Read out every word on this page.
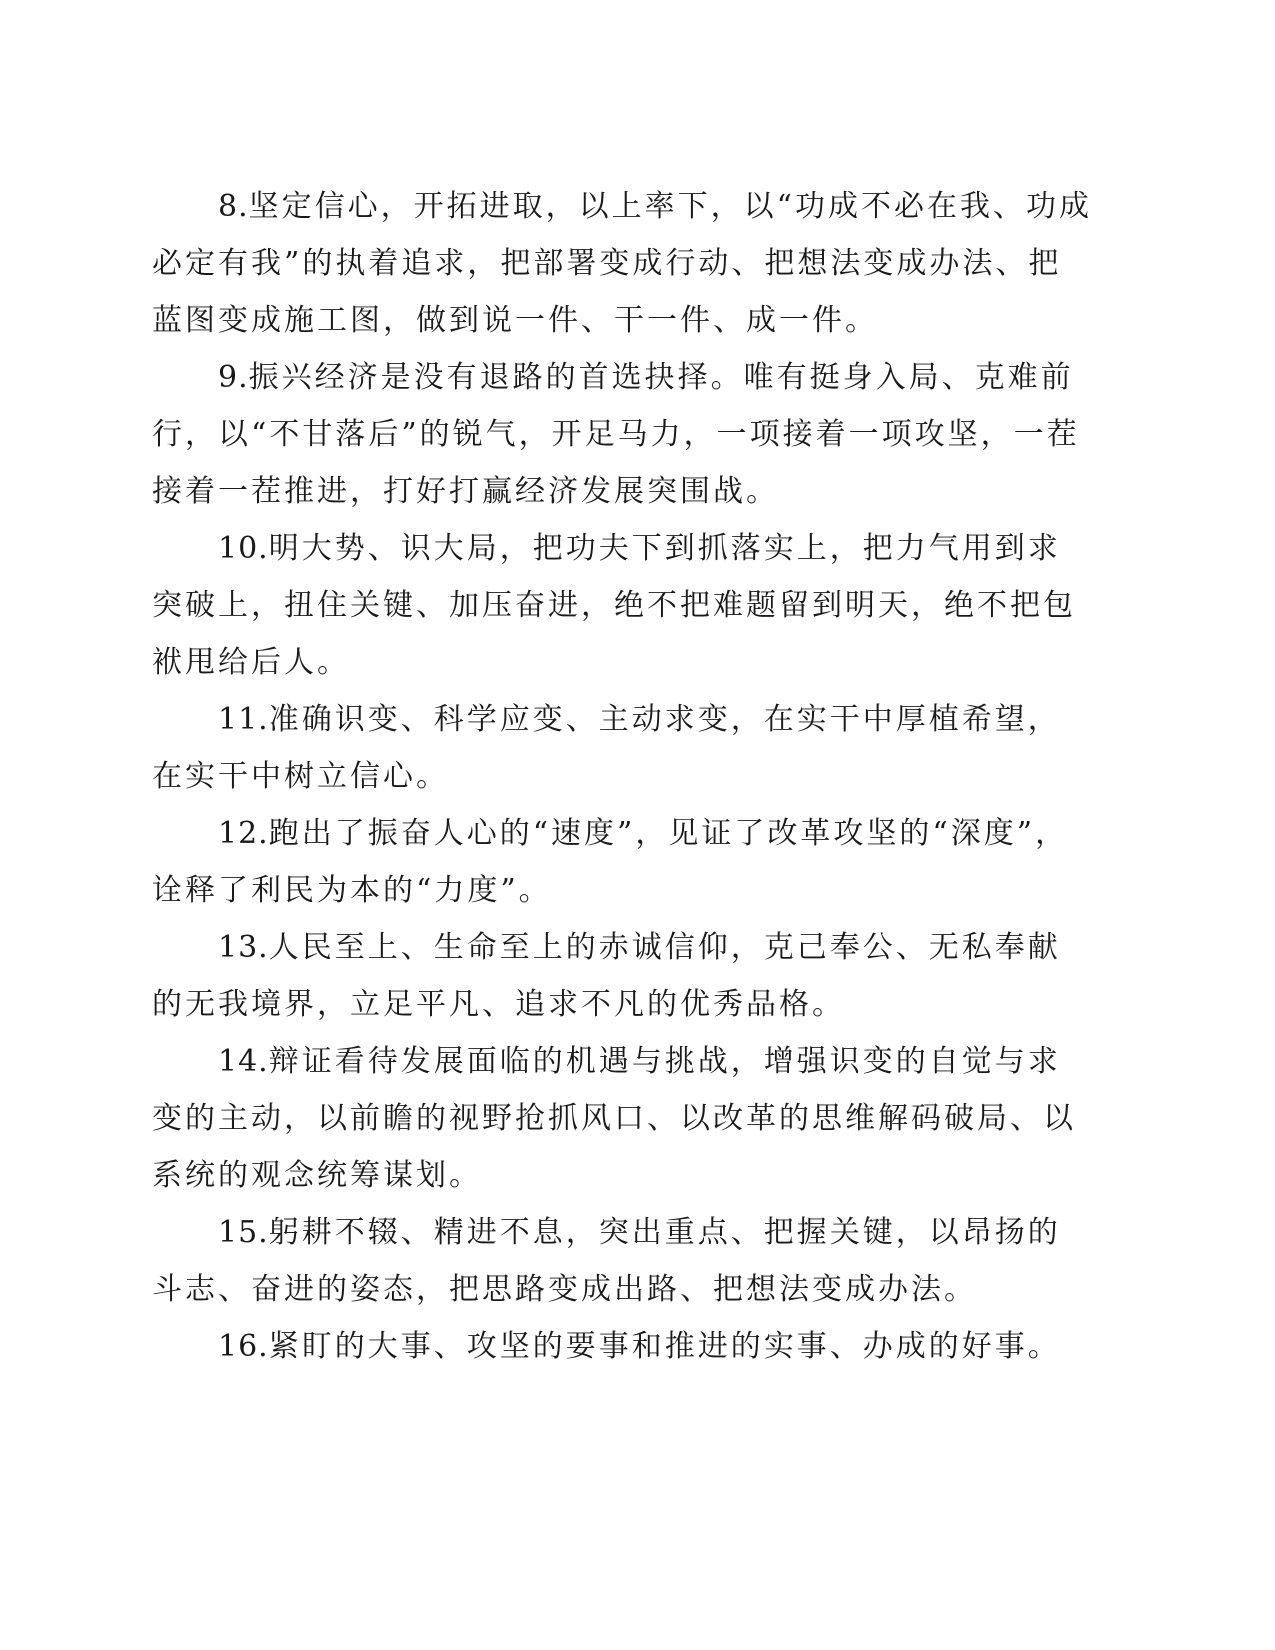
8.坚定信心，开拓进取，以上率下，以“功成不必在我、功成必定有我”的执着追求，把部署变成行动、把想法变成办法、把蓝图变成施工图，做到说一件、干一件、成一件。

9.振兴经济是没有退路的首选抉择。唯有挺身入局、克难前行，以“不甘落后”的锐气，开足马力，一项接着一项攻坚，一茬接着一茬推进，打好打赢经济发展突围战。

10.明大势、识大局，把功夫下到抓落实上，把力气用到求突破上，扭住关键、加压奋进，绝不把难题留到明天，绝不把包袱甩给后人。

11.准确识变、科学应变、主动求变，在实干中厚植希望，在实干中树立信心。

12.跑出了振奋人心的“速度”，见证了改革攻坚的“深度”，诠释了利民为本的“力度”。

13.人民至上、生命至上的赤诚信仰，克己奉公、无私奉献的无我境界，立足平凡、追求不凡的优秀品格。

14.辩证看待发展面临的机遇与挑战，增强识变的自觉与求变的主动，以前瞻的视野抢抓风口、以改革的思维解码破局、以系统的观念统筹谋划。

15.躬耕不辍、精进不息，突出重点、把握关键，以昂扬的斗志、奋进的姿态，把思路变成出路、把想法变成办法。

16.紧盯的大事、攻坚的要事和推进的实事、办成的好事。
